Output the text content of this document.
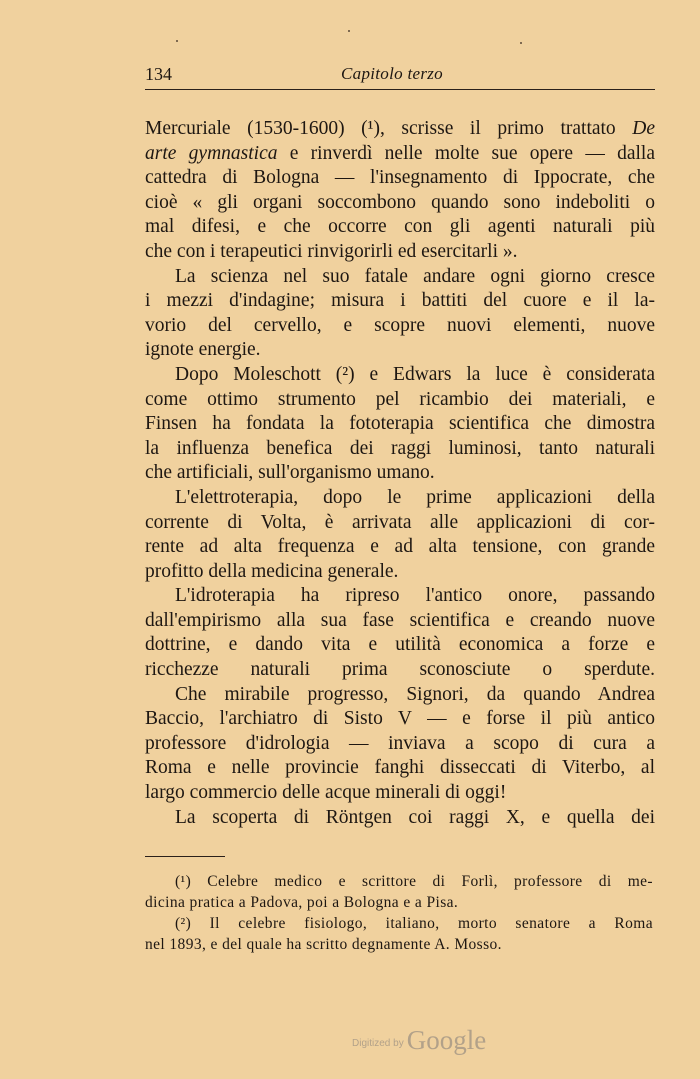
134	Capitolo terzo
Mercuriale (1530-1600) (¹), scrisse il primo trattato De
arte gymnastica e rinverdì nelle molte sue opere — dalla
cattedra di Bologna — l'insegnamento di Ippocrate, che
cioè « gli organi soccombono quando sono indeboliti o
mal difesi, e che occorre con gli agenti naturali più
che con i terapeutici rinvigorirli ed esercitarli ».
La scienza nel suo fatale andare ogni giorno cresce
i mezzi d'indagine; misura i battiti del cuore e il la-
vorio del cervello, e scopre nuovi elementi, nuove
ignote energie.
Dopo Moleschott (²) e Edwars la luce è considerata
come ottimo strumento pel ricambio dei materiali, e
Finsen ha fondata la fototerapia scientifica che dimostra
la influenza benefica dei raggi luminosi, tanto naturali
che artificiali, sull'organismo umano.
L'elettroterapia, dopo le prime applicazioni della
corrente di Volta, è arrivata alle applicazioni di cor-
rente ad alta frequenza e ad alta tensione, con grande
profitto della medicina generale.
L'idroterapia ha ripreso l'antico onore, passando
dall'empirismo alla sua fase scientifica e creando nuove
dottrine, e dando vita e utilità economica a forze e
ricchezze naturali prima sconosciute o sperdute.
Che mirabile progresso, Signori, da quando Andrea
Baccio, l'archiatro di Sisto V — e forse il più antico
professore d'idrologia — inviava a scopo di cura a
Roma e nelle provincie fanghi disseccati di Viterbo, al
largo commercio delle acque minerali di oggi!
La scoperta di Röntgen coi raggi X, e quella dei
(¹) Celebre medico e scrittore di Forlì, professore di me-
dicina pratica a Padova, poi a Bologna e a Pisa.
(²) Il celebre fisiologo, italiano, morto senatore a Roma
nel 1893, e del quale ha scritto degnamente A. Mosso.
Digitized by Google
